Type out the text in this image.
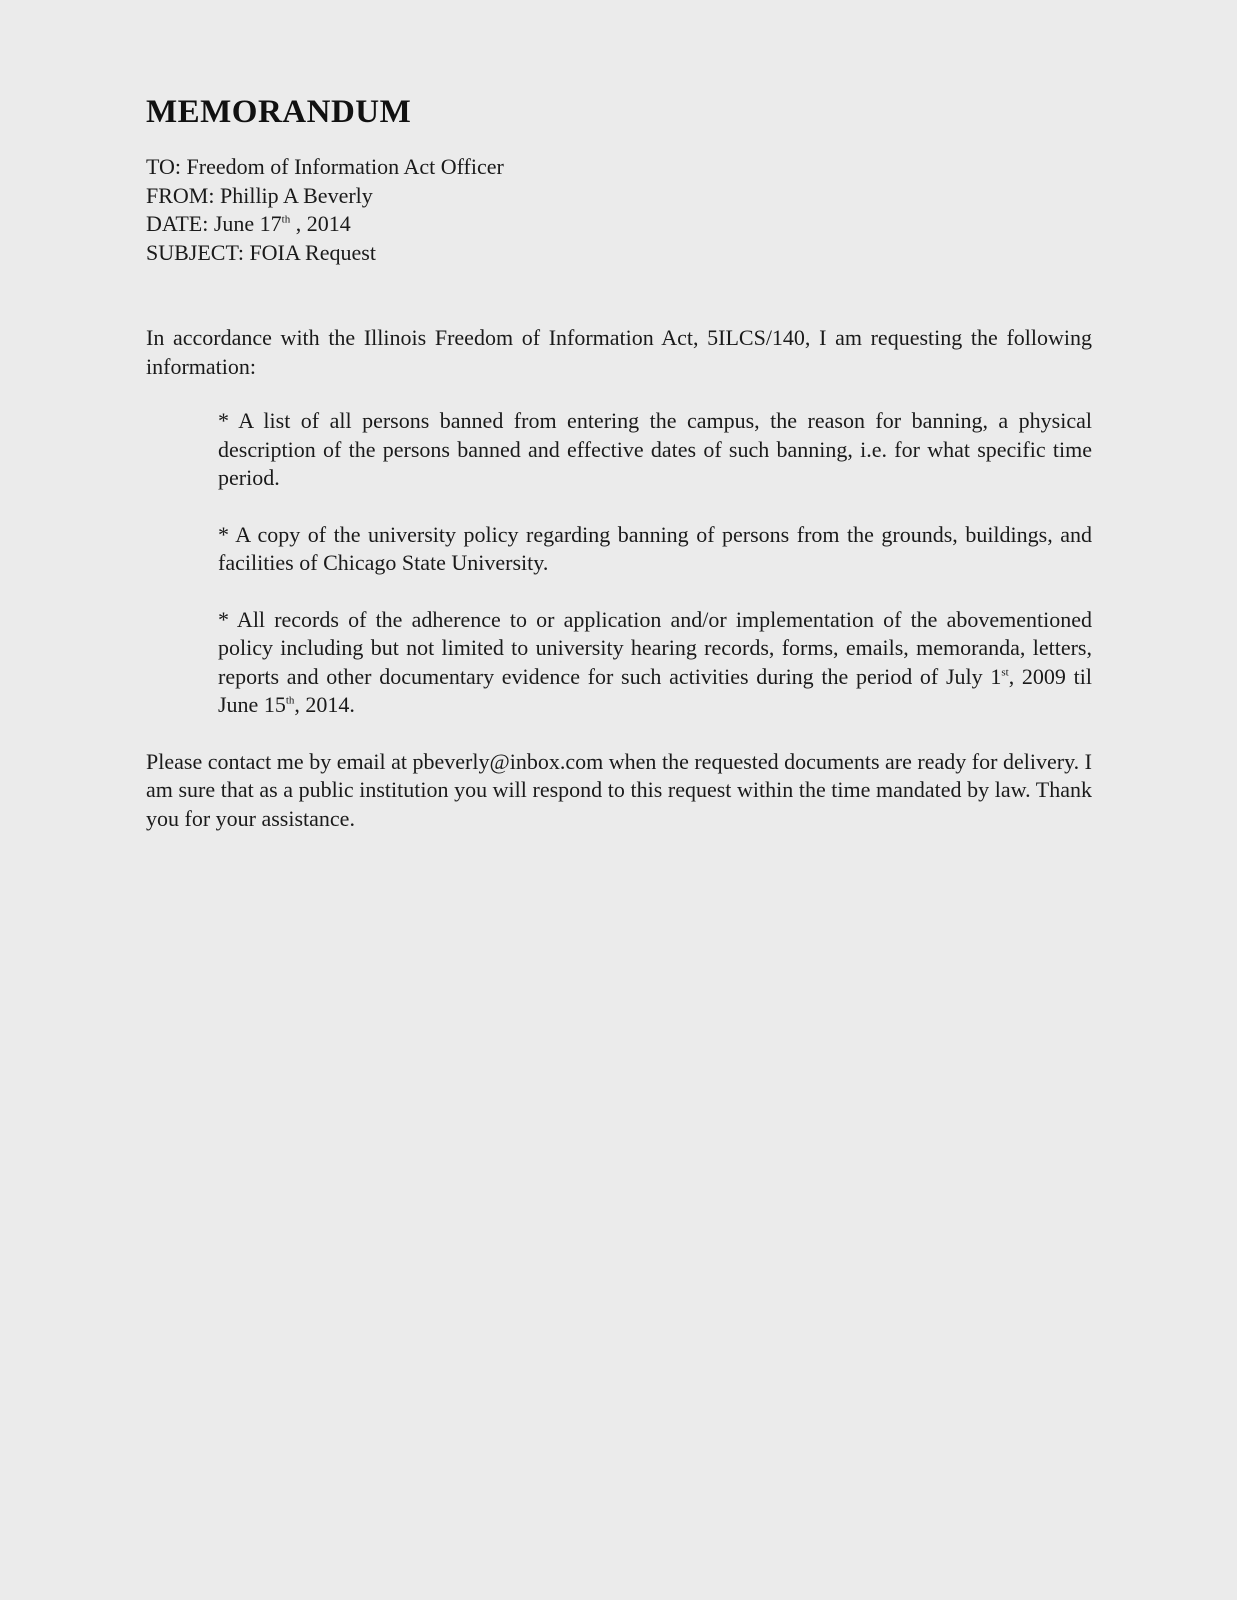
MEMORANDUM
TO: Freedom of Information Act Officer
FROM: Phillip A Beverly
DATE: June 17th , 2014
SUBJECT: FOIA Request

In accordance with the Illinois Freedom of Information Act, 5ILCS/140, I am requesting the following information:

* A list of all persons banned from entering the campus, the reason for banning, a physical description of the persons banned and effective dates of such banning, i.e. for what specific time period.

* A copy of the university policy regarding banning of persons from the grounds, buildings, and facilities of Chicago State University.

* All records of the adherence to or application and/or implementation of the abovementioned policy including but not limited to university hearing records, forms, emails, memoranda, letters, reports and other documentary evidence for such activities during the period of July 1st, 2009 til June 15th, 2014.

Please contact me by email at pbeverly@inbox.com when the requested documents are ready for delivery. I am sure that as a public institution you will respond to this request within the time mandated by law. Thank you for your assistance.
